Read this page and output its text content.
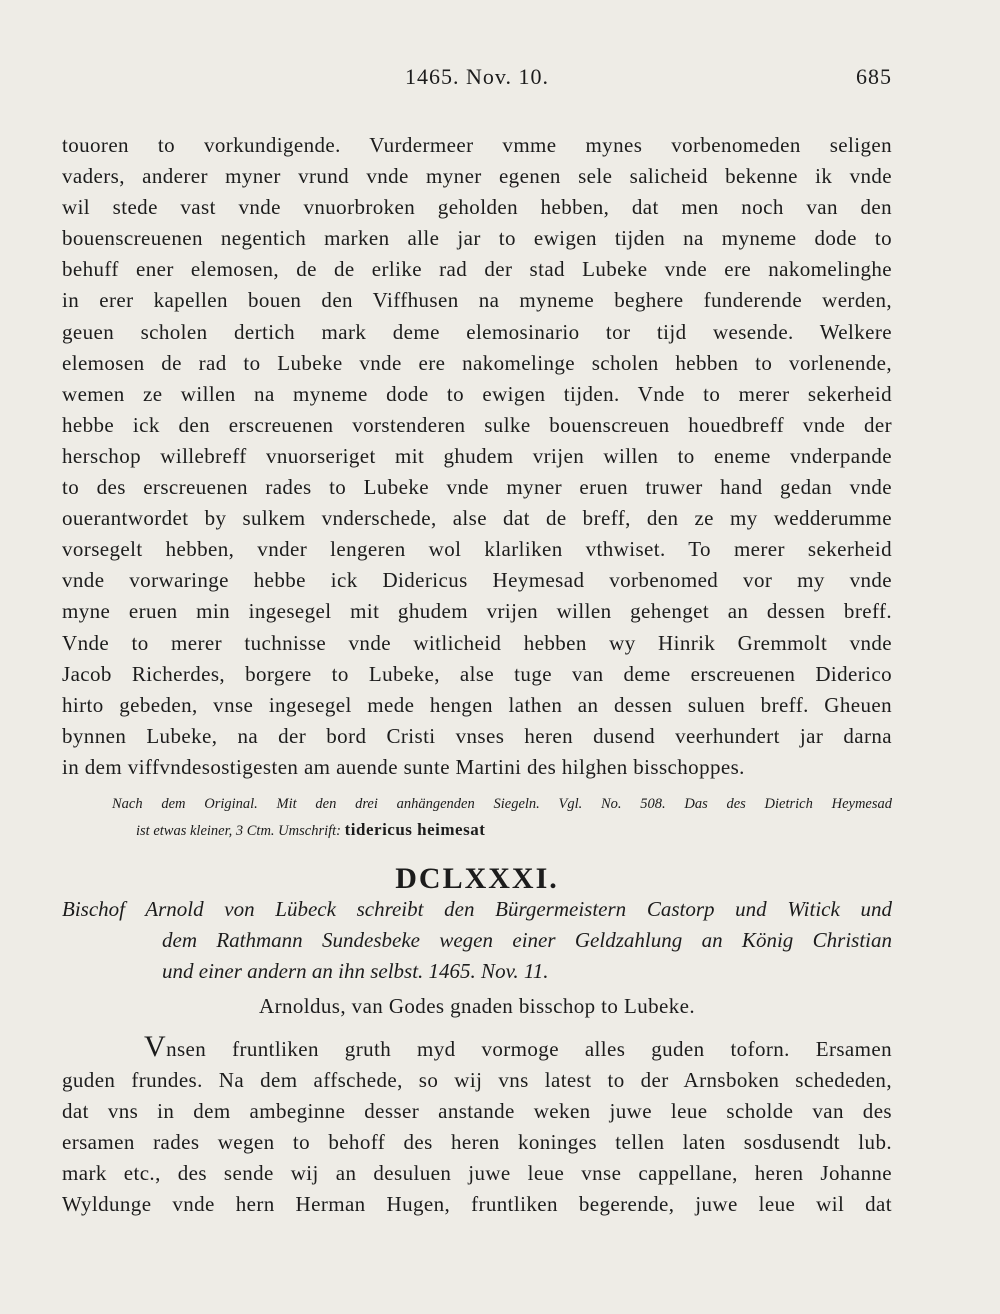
1465. Nov. 10.	685
touoren to vorkundigende. Vurdermeer vmme mynes vorbenomeden seligen
vaders, anderer myner vrund vnde myner egenen sele salicheid bekenne ik vnde
wil stede vast vnde vnuorbroken geholden hebben, dat men noch van den
bouenscreuenen negentich marken alle jar to ewigen tijden na myneme dode to
behuff ener elemosen, de de erlike rad der stad Lubeke vnde ere nakomelinghe
in erer kapellen bouen den Viffhusen na myneme beghere funderende werden,
geuen scholen dertich mark deme elemosinario tor tijd wesende. Welkere
elemosen de rad to Lubeke vnde ere nakomelinge scholen hebben to vorlenende,
wemen ze willen na myneme dode to ewigen tijden. Vnde to merer sekerheid
hebbe ick den erscreuenen vorstenderen sulke bouenscreuen houedbreff vnde der
herschop willebreff vnuorseriget mit ghudem vrijen willen to eneme vnderpande
to des erscreuenen rades to Lubeke vnde myner eruen truwer hand gedan vnde
ouerantwordet by sulkem vnderschede, alse dat de breff, den ze my wedderumme
vorsegelt hebben, vnder lengeren wol klarliken vthwiset. To merer sekerheid
vnde vorwaringe hebbe ick Didericus Heymesad vorbenomed vor my vnde
myne eruen min ingesegel mit ghudem vrijen willen gehenget an dessen breff.
Vnde to merer tuchnisse vnde witlicheid hebben wy Hinrik Gremmolt vnde
Jacob Richerdes, borgere to Lubeke, alse tuge van deme erscreuenen Diderico
hirto gebeden, vnse ingesegel mede hengen lathen an dessen suluen breff. Gheuen
bynnen Lubeke, na der bord Cristi vnses heren dusend veerhundert jar darna
in dem viffvndesostigesten am auende sunte Martini des hilghen bisschoppes.
Nach dem Original. Mit den drei anhängenden Siegeln. Vgl. No. 508. Das des Dietrich Heymesad
ist etwas kleiner, 3 Ctm. Umschrift: tidericus heimesat
DCLXXXI.
Bischof Arnold von Lübeck schreibt den Bürgermeistern Castorp und Witick und
dem Rathmann Sundesbeke wegen einer Geldzahlung an König Christian
und einer andern an ihn selbst. 1465. Nov. 11.
Arnoldus, van Godes gnaden bisschop to Lubeke.
Vnsen fruntliken gruth myd vormoge alles guden toforn. Ersamen
guden frundes. Na dem affschede, so wij vns latest to der Arnsboken schededen,
dat vns in dem ambeginne desser anstande weken juwe leue scholde van des
ersamen rades wegen to behoff des heren koninges tellen laten sosdusendt lub.
mark etc., des sende wij an desuluen juwe leue vnse cappellane, heren Johanne
Wyldunge vnde hern Herman Hugen, fruntliken begerende, juwe leue wil dat
